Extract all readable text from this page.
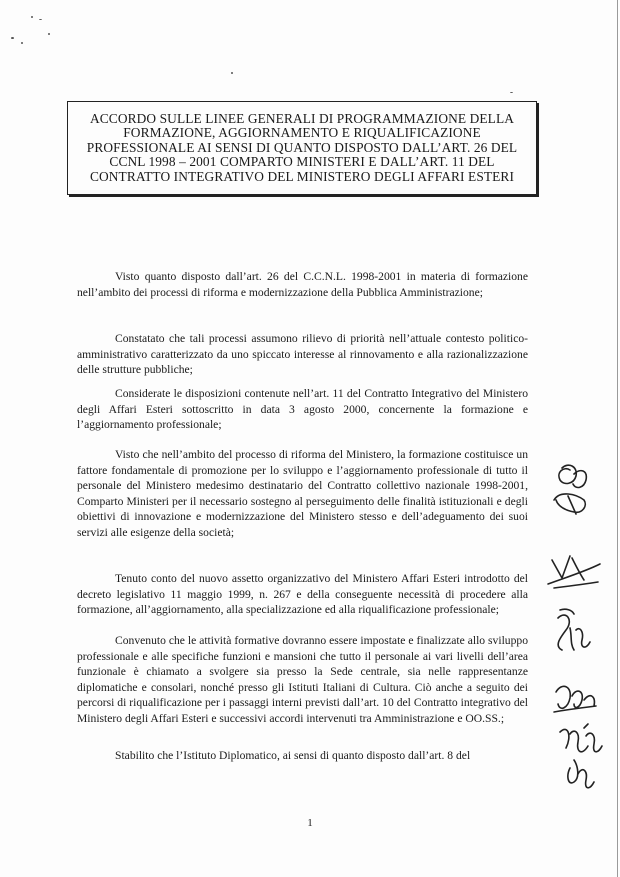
ACCORDO SULLE LINEE GENERALI DI PROGRAMMAZIONE DELLA FORMAZIONE, AGGIORNAMENTO E RIQUALIFICAZIONE PROFESSIONALE AI SENSI DI QUANTO DISPOSTO DALL’ART. 26 DEL CCNL 1998 – 2001 COMPARTO MINISTERI E DALL’ART. 11 DEL CONTRATTO INTEGRATIVO DEL MINISTERO DEGLI AFFARI ESTERI

Visto quanto disposto dall’art. 26 del C.C.N.L. 1998-2001 in materia di formazione nell’ambito dei processi di riforma e modernizzazione della Pubblica Amministrazione;

Constatato che tali processi assumono rilievo di priorità nell’attuale contesto politico-amministrativo caratterizzato da uno spiccato interesse al rinnovamento e alla razionalizzazione delle strutture pubbliche;

Considerate le disposizioni contenute nell’art. 11 del Contratto Integrativo del Ministero degli Affari Esteri sottoscritto in data 3 agosto 2000, concernente la formazione e l’aggiornamento professionale;

Visto che nell’ambito del processo di riforma del Ministero, la formazione costituisce un fattore fondamentale di promozione per lo sviluppo e l’aggiornamento professionale di tutto il personale del Ministero medesimo destinatario del Contratto collettivo nazionale 1998-2001, Comparto Ministeri per il necessario sostegno al perseguimento delle finalità istituzionali e degli obiettivi di innovazione e modernizzazione del Ministero stesso e dell’adeguamento dei suoi servizi alle esigenze della società;

Tenuto conto del nuovo assetto organizzativo del Ministero Affari Esteri introdotto del decreto legislativo 11 maggio 1999, n. 267 e della conseguente necessità di procedere alla formazione, all’aggiornamento, alla specializzazione ed alla riqualificazione professionale;

Convenuto che le attività formative dovranno essere impostate e finalizzate allo sviluppo professionale e alle specifiche funzioni e mansioni che tutto il personale ai vari livelli dell’area funzionale è chiamato a svolgere sia presso la Sede centrale, sia nelle rappresentanze diplomatiche e consolari, nonché presso gli Istituti Italiani di Cultura. Ciò anche a seguito dei percorsi di riqualificazione per i passaggi interni previsti dall’art. 10 del Contratto integrativo del Ministero degli Affari Esteri e successivi accordi intervenuti tra Amministrazione e OO.SS.;

Stabilito che l’Istituto Diplomatico, ai sensi di quanto disposto dall’art. 8 del

1
